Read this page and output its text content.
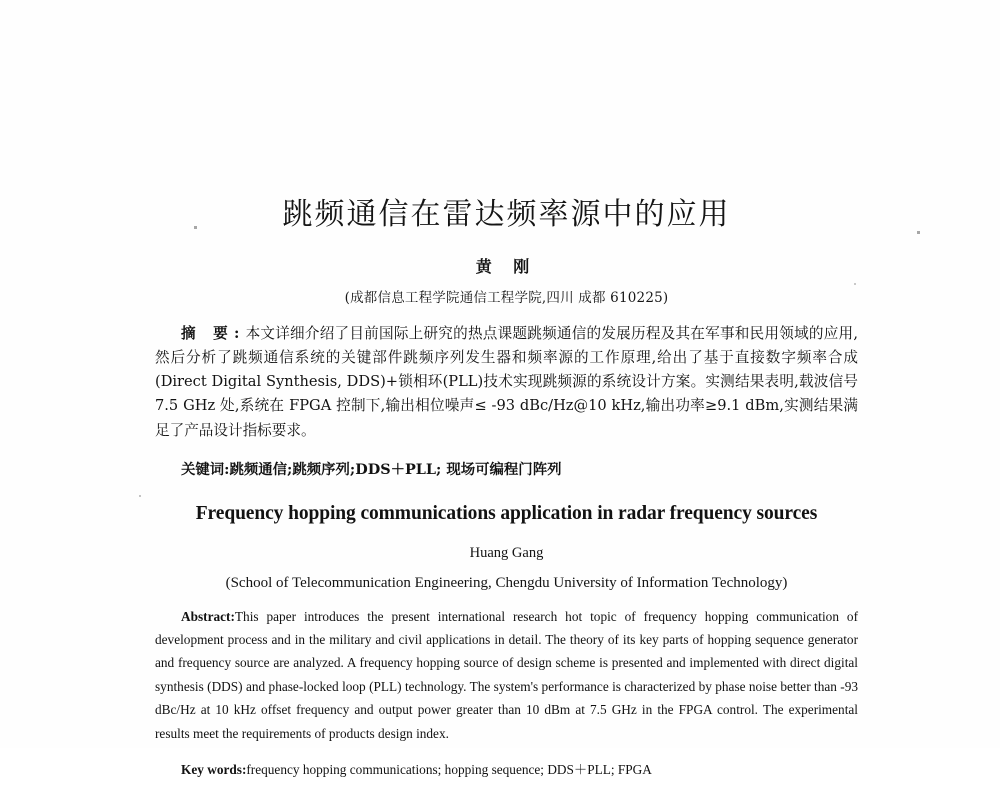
跳频通信在雷达频率源中的应用
黄 刚
(成都信息工程学院通信工程学院,四川 成都 610225)

摘 要:本文详细介绍了目前国际上研究的热点课题跳频通信的发展历程及其在军事和民用领域的应用,然后分析了跳频通信系统的关键部件跳频序列发生器和频率源的工作原理,给出了基于直接数字频率合成(Direct Digital Synthesis, DDS)+锁相环(PLL)技术实现跳频源的系统设计方案。实测结果表明,载波信号 7.5 GHz 处,系统在 FPGA 控制下,输出相位噪声≤ -93 dBc/Hz@10 kHz,输出功率≥9.1 dBm,实测结果满足了产品设计指标要求。

关键词:跳频通信;跳频序列;DDS＋PLL; 现场可编程门阵列
Frequency hopping communications application in radar frequency sources
Huang Gang
(School of Telecommunication Engineering, Chengdu University of Information Technology)

Abstract:This paper introduces the present international research hot topic of frequency hopping communication of development process and in the military and civil applications in detail. The theory of its key parts of hopping sequence generator and frequency source are analyzed. A frequency hopping source of design scheme is presented and implemented with direct digital synthesis (DDS) and phase-locked loop (PLL) technology. The system's performance is characterized by phase noise better than -93 dBc/Hz at 10 kHz offset frequency and output power greater than 10 dBm at 7.5 GHz in the FPGA control. The experimental results meet the requirements of products design index.

Key words:frequency hopping communications; hopping sequence; DDS＋PLL; FPGA
